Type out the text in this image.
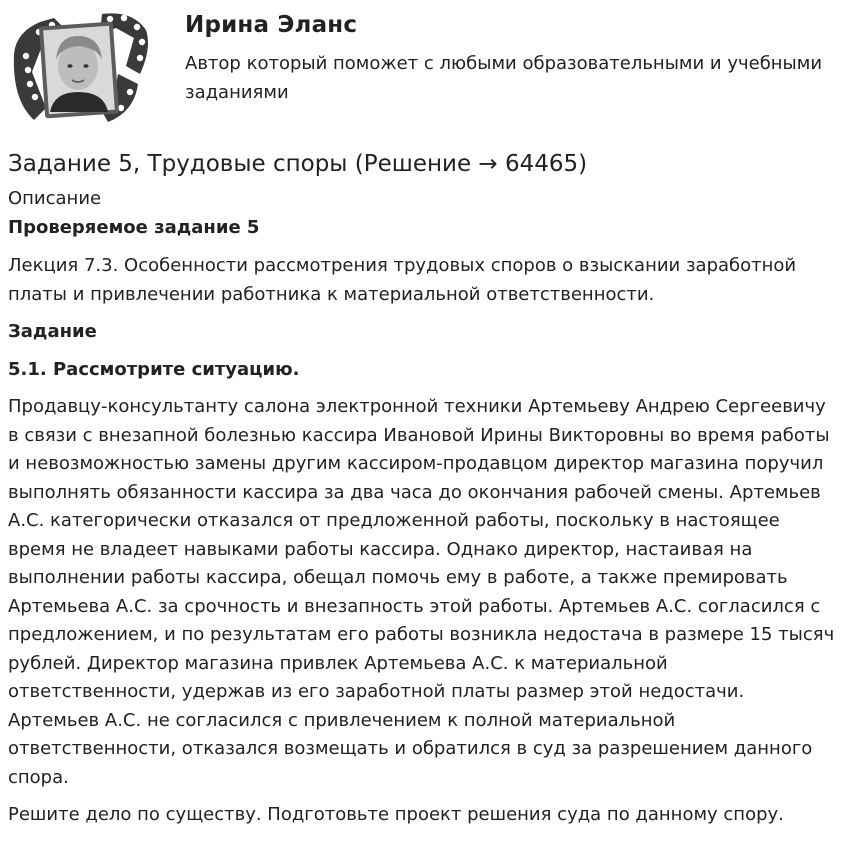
Ирина Эланс
Автор который поможет с любыми образовательными и учебными заданиями
Задание 5, Трудовые споры (Решение → 64465)

Описание

Проверяемое задание 5

Лекция 7.3. Особенности рассмотрения трудовых споров о взыскании заработной платы и привлечении работника к материальной ответственности.

Задание

5.1. Рассмотрите ситуацию.

Продавцу-консультанту салона электронной техники Артемьеву Андрею Сергеевичу в связи с внезапной болезнью кассира Ивановой Ирины Викторовны во время работы и невозможностью замены другим кассиром-продавцом директор магазина поручил выполнять обязанности кассира за два часа до окончания рабочей смены. Артемьев А.С. категорически отказался от предложенной работы, поскольку в настоящее время не владеет навыками работы кассира. Однако директор, настаивая на выполнении работы кассира, обещал помочь ему в работе, а также премировать Артемьева А.С. за срочность и внезапность этой работы. Артемьев А.С. согласился с предложением, и по результатам его работы возникла недостача в размере 15 тысяч рублей. Директор магазина привлек Артемьева А.С. к материальной ответственности, удержав из его заработной платы размер этой недостачи. Артемьев А.С. не согласился с привлечением к полной материальной ответственности, отказался возмещать и обратился в суд за разрешением данного спора.

Решите дело по существу. Подготовьте проект решения суда по данному спору.
